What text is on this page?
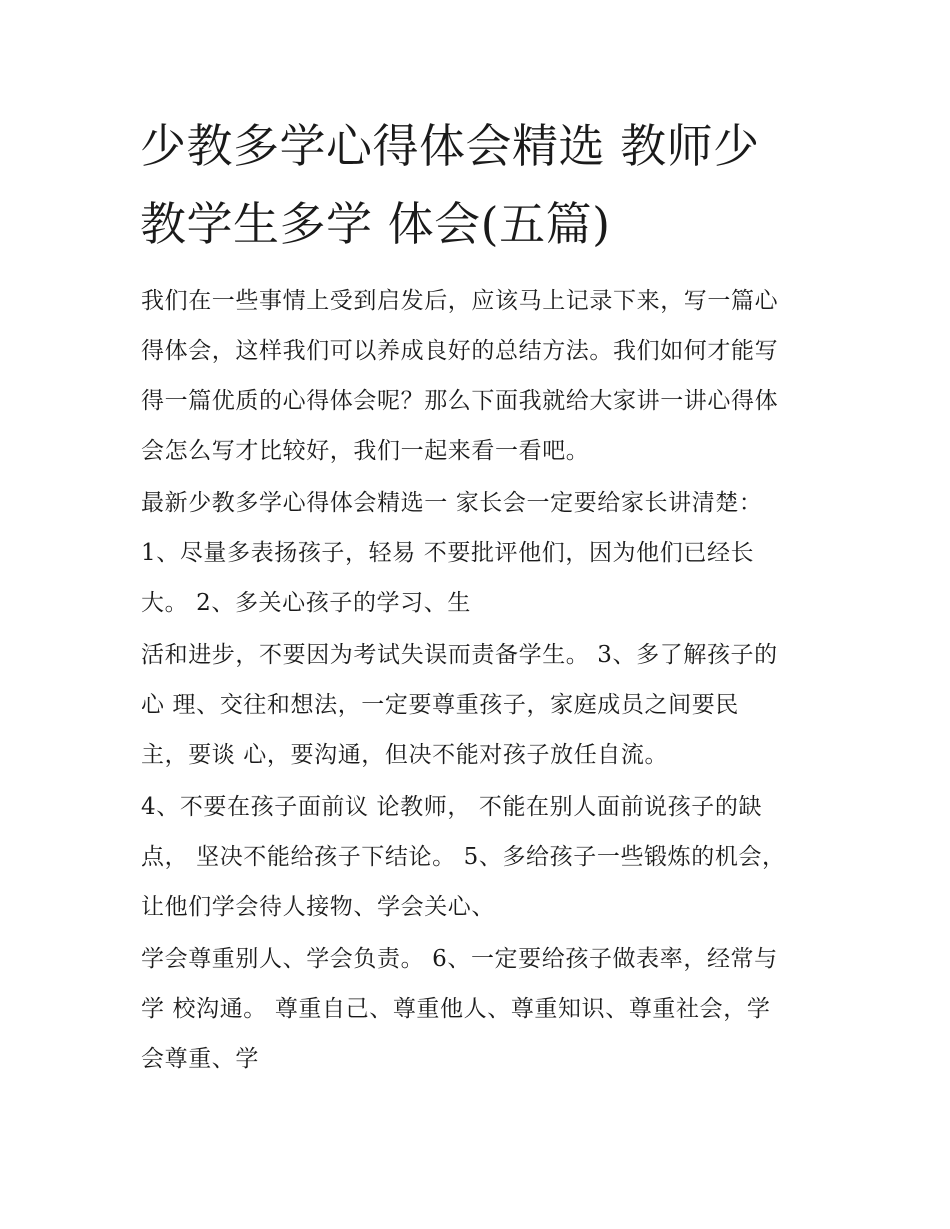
少教多学心得体会精选 教师少
教学生多学 体会(五篇)
我们在一些事情上受到启发后，应该马上记录下来，写一篇心
得体会，这样我们可以养成良好的总结方法。我们如何才能写
得一篇优质的心得体会呢？那么下面我就给大家讲一讲心得体
会怎么写才比较好，我们一起来看一看吧。
最新少教多学心得体会精选一 家长会一定要给家长讲清楚：
1、尽量多表扬孩子，轻易 不要批评他们，因为他们已经长
大。 2、多关心孩子的学习、生
活和进步，不要因为考试失误而责备学生。 3、多了解孩子的
心 理、交往和想法，一定要尊重孩子，家庭成员之间要民
主，要谈 心，要沟通，但决不能对孩子放任自流。
4、不要在孩子面前议 论教师， 不能在别人面前说孩子的缺
点， 坚决不能给孩子下结论。 5、多给孩子一些锻炼的机会，
让他们学会待人接物、学会关心、
学会尊重别人、学会负责。 6、一定要给孩子做表率，经常与
学 校沟通。 尊重自己、尊重他人、尊重知识、尊重社会，学
会尊重、学
